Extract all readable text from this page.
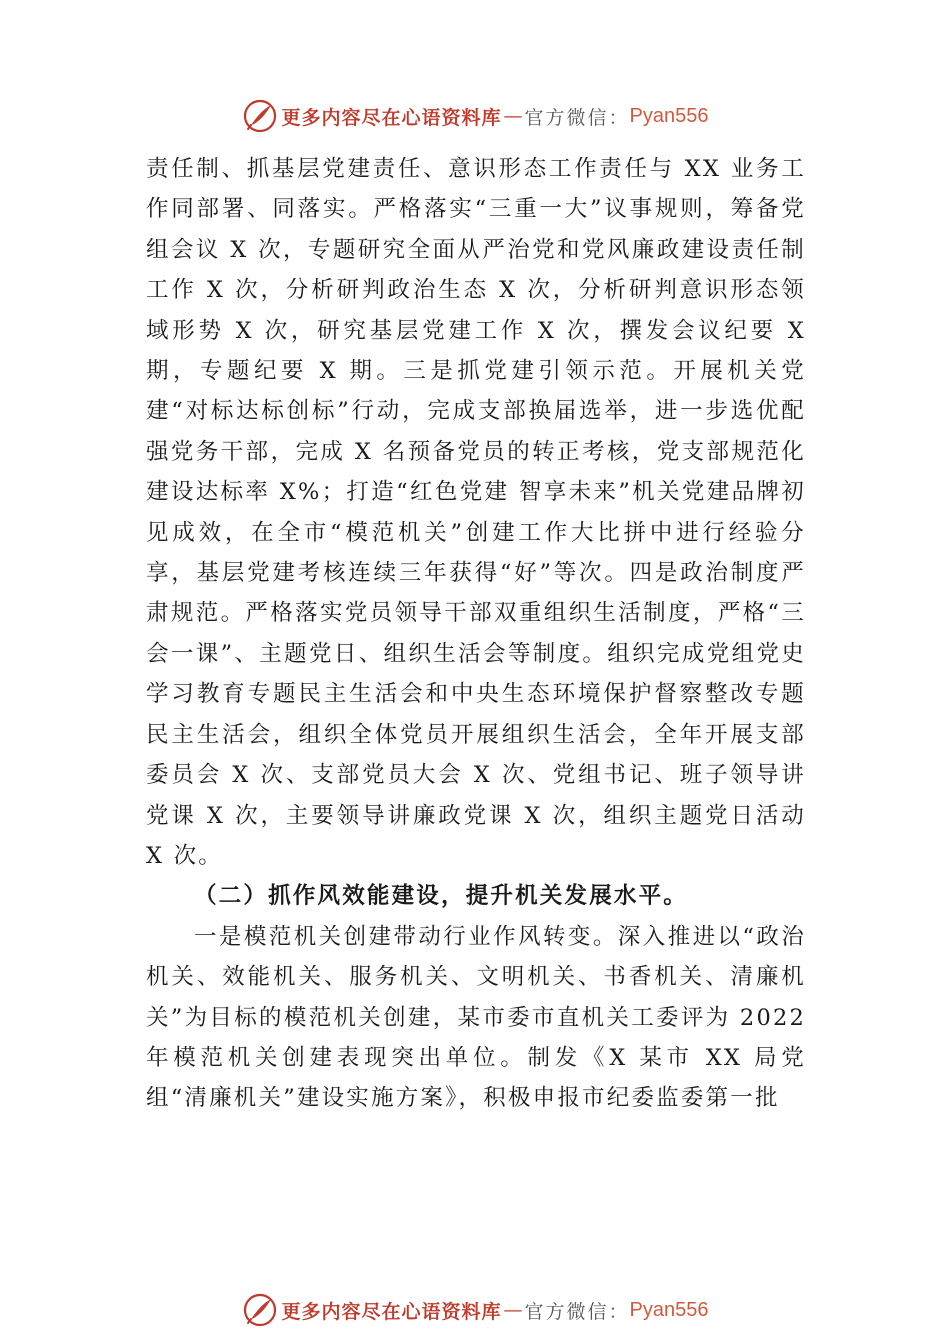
更多内容尽在心语资料库 — 官方微信： Pyan556

责任制、抓基层党建责任、意识形态工作责任与 XX 业务工作同部署、同落实。严格落实“三重一大”议事规则，筹备党组会议 X 次，专题研究全面从严治党和党风廉政建设责任制工作 X 次，分析研判政治生态 X 次，分析研判意识形态领域形势 X 次，研究基层党建工作 X 次，撰发会议纪要 X 期，专题纪要 X 期。三是抓党建引领示范。开展机关党建“对标达标创标”行动，完成支部换届选举，进一步选优配强党务干部，完成 X 名预备党员的转正考核，党支部规范化建设达标率 X%；打造“红色党建 智享未来”机关党建品牌初见成效，在全市“模范机关”创建工作大比拼中进行经验分享，基层党建考核连续三年获得“好”等次。四是政治制度严肃规范。严格落实党员领导干部双重组织生活制度，严格“三会一课”、主题党日、组织生活会等制度。组织完成党组党史学习教育专题民主生活会和中央生态环境保护督察整改专题民主生活会，组织全体党员开展组织生活会，全年开展支部委员会 X 次、支部党员大会 X 次、党组书记、班子领导讲党课 X 次，主要领导讲廉政党课 X 次，组织主题党日活动 X 次。

（二）抓作风效能建设，提升机关发展水平。

一是模范机关创建带动行业作风转变。深入推进以“政治机关、效能机关、服务机关、文明机关、书香机关、清廉机关”为目标的模范机关创建，某市委市直机关工委评为 2022 年模范机关创建表现突出单位。制发《X 某市 XX 局党组“清廉机关”建设实施方案》，积极申报市纪委监委第一批

更多内容尽在心语资料库 — 官方微信： Pyan556
